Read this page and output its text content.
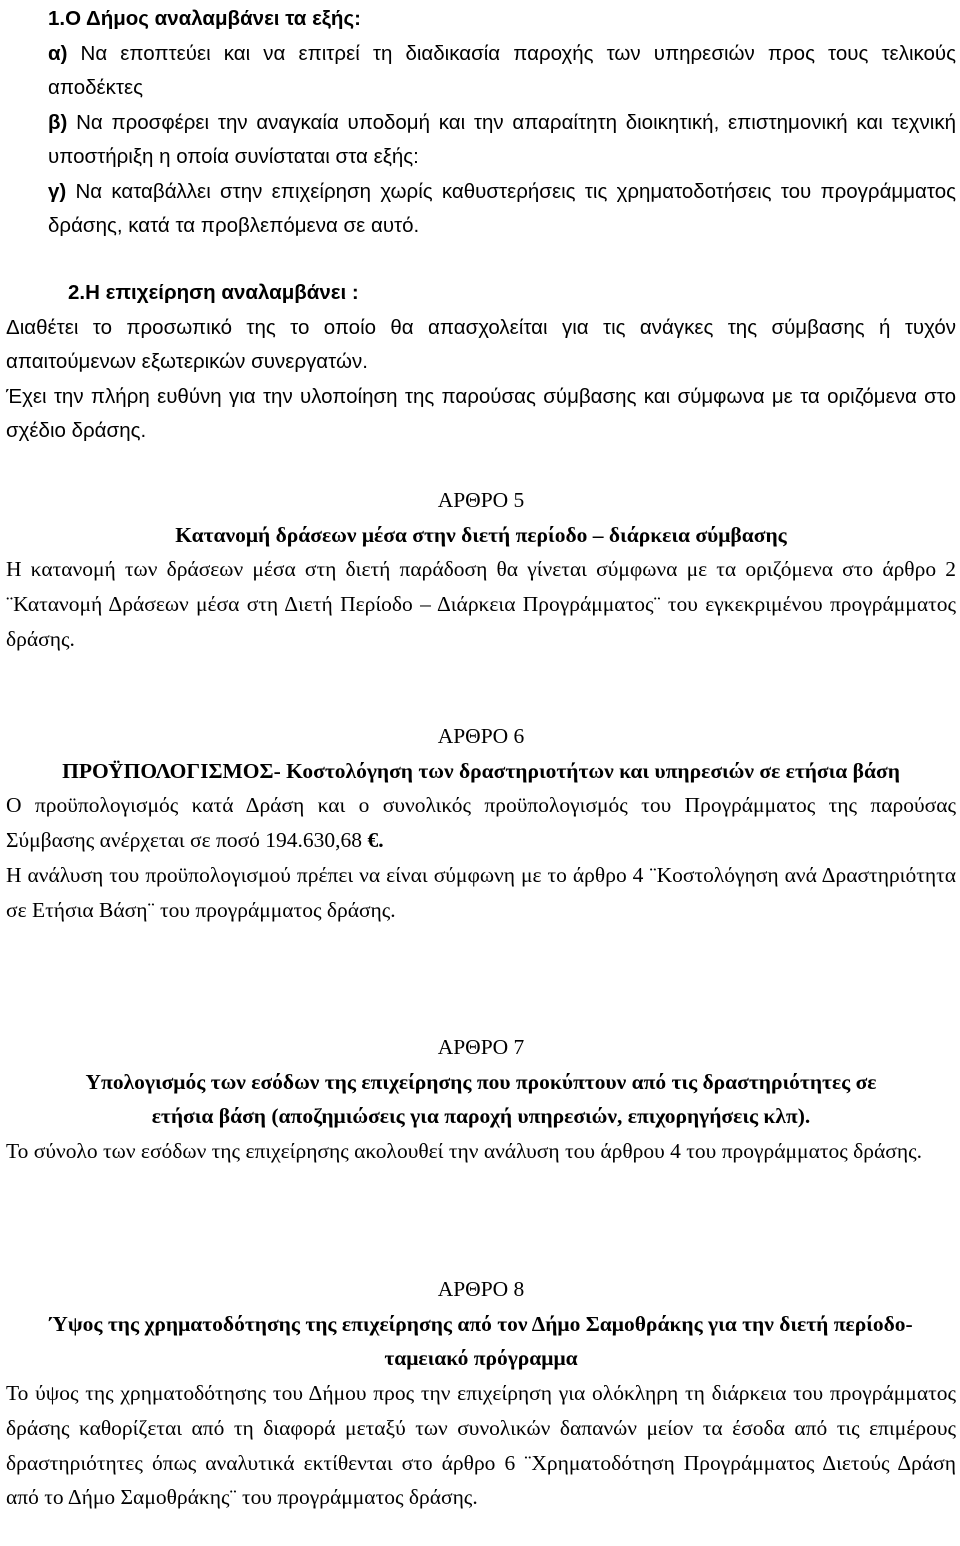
1.Ο Δήμος αναλαμβάνει τα εξής:

α) Να εποπτεύει και να επιτρεί τη διαδικασία παροχής των υπηρεσιών προς τους τελικούς αποδέκτες

β) Να προσφέρει την αναγκαία υποδομή και την απαραίτητη διοικητική, επιστημονική και τεχνική υποστήριξη η οποία συνίσταται στα εξής:

γ) Να καταβάλλει στην επιχείρηση χωρίς καθυστερήσεις τις χρηματοδοτήσεις του προγράμματος δράσης, κατά τα προβλεπόμενα σε αυτό.

2.Η επιχείρηση αναλαμβάνει :

Διαθέτει το προσωπικό της το οποίο θα απασχολείται για τις ανάγκες της σύμβασης ή τυχόν απαιτούμενων εξωτερικών συνεργατών.

Έχει την πλήρη ευθύνη για την υλοποίηση της παρούσας σύμβασης και σύμφωνα με τα οριζόμενα στο σχέδιο δράσης.

ΑΡΘΡΟ 5

Κατανομή δράσεων μέσα στην διετή περίοδο – διάρκεια σύμβασης

Η κατανομή των δράσεων μέσα στη διετή παράδοση θα γίνεται σύμφωνα με τα οριζόμενα στο άρθρο 2 ¨Κατανομή Δράσεων μέσα στη Διετή Περίοδο – Διάρκεια Προγράμματος¨ του εγκεκριμένου προγράμματος δράσης.

ΑΡΘΡΟ 6

ΠΡΟΫΠΟΛΟΓΙΣΜΟΣ- Κοστολόγηση των δραστηριοτήτων και υπηρεσιών σε ετήσια βάση

Ο προϋπολογισμός κατά Δράση και ο συνολικός προϋπολογισμός του Προγράμματος της παρούσας Σύμβασης ανέρχεται σε ποσό 194.630,68 €.

Η ανάλυση του προϋπολογισμού πρέπει να είναι σύμφωνη με το άρθρο 4 ¨Κοστολόγηση ανά Δραστηριότητα σε Ετήσια Βάση¨ του προγράμματος δράσης.

ΑΡΘΡΟ 7

Υπολογισμός των εσόδων της επιχείρησης που προκύπτουν από τις δραστηριότητες σε ετήσια βάση (αποζημιώσεις για παροχή υπηρεσιών, επιχορηγήσεις κλπ).

Το σύνολο των εσόδων της επιχείρησης ακολουθεί την ανάλυση του άρθρου 4 του προγράμματος δράσης.

ΑΡΘΡΟ 8

Ύψος της χρηματοδότησης της επιχείρησης από τον Δήμο Σαμοθράκης για την διετή περίοδο- ταμειακό πρόγραμμα

Το ύψος της χρηματοδότησης του Δήμου προς την επιχείρηση για ολόκληρη τη διάρκεια του προγράμματος δράσης καθορίζεται από τη διαφορά μεταξύ των συνολικών δαπανών μείον τα έσοδα από τις επιμέρους δραστηριότητες όπως αναλυτικά εκτίθενται στο άρθρο 6 ¨Χρηματοδότηση Προγράμματος Διετούς Δράση από το Δήμο Σαμοθράκης¨ του προγράμματος δράσης.
